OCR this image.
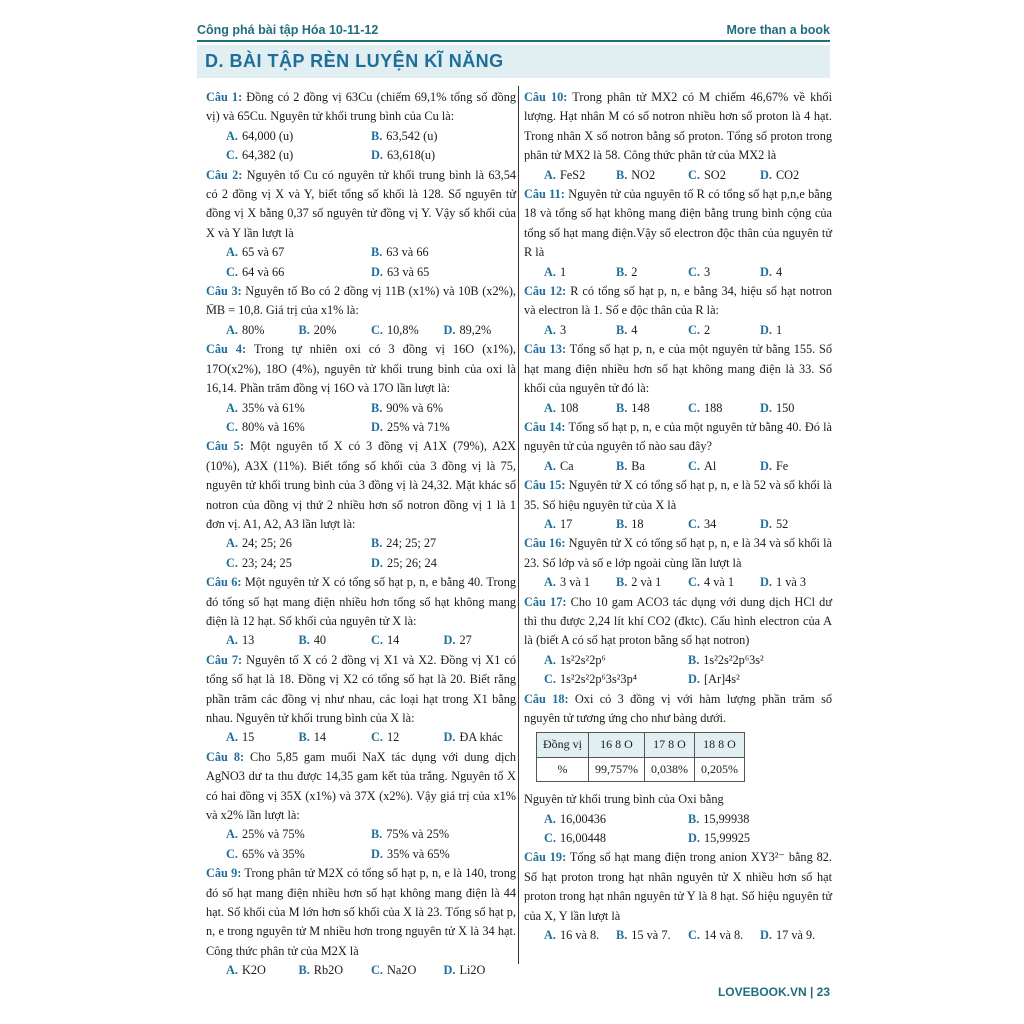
Công phá bài tập Hóa 10-11-12	More than a book
D. BÀI TẬP RÈN LUYỆN KĨ NĂNG

Câu 1: Đồng có 2 đồng vị 63Cu (chiếm 69,1% tổng số đồng vị) và 65Cu. Nguyên tử khối trung bình của Cu là:

A. 64,000 (u)	B. 63,542 (u)
C. 64,382 (u)	D. 63,618(u)

Câu 2: Nguyên tố Cu có nguyên tử khối trung bình là 63,54 có 2 đồng vị X và Y, biết tổng số khối là 128. Số nguyên tử đồng vị X bằng 0,37 số nguyên tử đồng vị Y. Vậy số khối của X và Y lần lượt là

A. 65 và 67	B. 63 và 66
C. 64 và 66	D. 63 và 65

Câu 3: Nguyên tố Bo có 2 đồng vị 11B (x1%) và 10B (x2%), M̄B = 10,8. Giá trị của x1% là:

A. 80%	B. 20%	C. 10,8%	D. 89,2%

Câu 4: Trong tự nhiên oxi có 3 đồng vị 16O (x1%), 17O(x2%), 18O (4%), nguyên tử khối trung bình của oxi là 16,14. Phần trăm đồng vị 16O và 17O lần lượt là:

A. 35% và 61%	B. 90% và 6%
C. 80% và 16%	D. 25% và 71%

Câu 5: Một nguyên tố X có 3 đồng vị A1X (79%), A2X (10%), A3X (11%). Biết tổng số khối của 3 đồng vị là 75, nguyên tử khối trung bình của 3 đồng vị là 24,32. Mặt khác số notron của đồng vị thứ 2 nhiều hơn số notron đồng vị 1 là 1 đơn vị. A1, A2, A3 lần lượt là:

A. 24; 25; 26	B. 24; 25; 27
C. 23; 24; 25	D. 25; 26; 24

Câu 6: Một nguyên tử X có tổng số hạt p, n, e bằng 40. Trong đó tổng số hạt mang điện nhiều hơn tổng số hạt không mang điện là 12 hạt. Số khối của nguyên tử X là:

A. 13	B. 40	C. 14	D. 27

Câu 7: Nguyên tố X có 2 đồng vị X1 và X2. Đồng vị X1 có tổng số hạt là 18. Đồng vị X2 có tổng số hạt là 20. Biết rằng phần trăm các đồng vị như nhau, các loại hạt trong X1 bằng nhau. Nguyên tử khối trung bình của X là:

A. 15	B. 14	C. 12	D. ĐA khác

Câu 8: Cho 5,85 gam muối NaX tác dụng với dung dịch AgNO3 dư ta thu được 14,35 gam kết tủa trắng. Nguyên tố X có hai đồng vị 35X (x1%) và 37X (x2%). Vậy giá trị của x1% và x2% lần lượt là:

A. 25% và 75%	B. 75% và 25%
C. 65% và 35%	D. 35% và 65%

Câu 9: Trong phân tử M2X có tổng số hạt p, n, e là 140, trong đó số hạt mang điện nhiều hơn số hạt không mang điện là 44 hạt. Số khối của M lớn hơn số khối của X là 23. Tổng số hạt p, n, e trong nguyên tử M nhiều hơn trong nguyên tử X là 34 hạt. Công thức phân tử của M2X là

A. K2O	B. Rb2O	C. Na2O	D. Li2O

Câu 10: Trong phân tử MX2 có M chiếm 46,67% về khối lượng. Hạt nhân M có số notron nhiều hơn số proton là 4 hạt. Trong nhân X số notron bằng số proton. Tổng số proton trong phân tử MX2 là 58. Công thức phân tử của MX2 là

A. FeS2	B. NO2	C. SO2	D. CO2

Câu 11: Nguyên tử của nguyên tố R có tổng số hạt p,n,e bằng 18 và tổng số hạt không mang điện bằng trung bình cộng của tổng số hạt mang điện.Vậy số electron độc thân của nguyên tử R là

A. 1	B. 2	C. 3	D. 4

Câu 12: R có tổng số hạt p, n, e bằng 34, hiệu số hạt notron và electron là 1. Số e độc thân của R là:

A. 3	B. 4	C. 2	D. 1

Câu 13: Tổng số hạt p, n, e của một nguyên tử bằng 155. Số hạt mang điện nhiều hơn số hạt không mang điện là 33. Số khối của nguyên tử đó là:

A. 108	B. 148	C. 188	D. 150

Câu 14: Tổng số hạt p, n, e của một nguyên tử bằng 40. Đó là nguyên tử của nguyên tố nào sau đây?

A. Ca	B. Ba	C. Al	D. Fe

Câu 15: Nguyên tử X có tổng số hạt p, n, e là 52 và số khối là 35. Số hiệu nguyên tử của X là

A. 17	B. 18	C. 34	D. 52

Câu 16: Nguyên tử X có tổng số hạt p, n, e là 34 và số khối là 23. Số lớp và số e lớp ngoài cùng lần lượt là

A. 3 và 1	B. 2 và 1	C. 4 và 1	D. 1 và 3

Câu 17: Cho 10 gam ACO3 tác dụng với dung dịch HCl dư thì thu được 2,24 lít khí CO2 (đktc). Cấu hình electron của A là (biết A có số hạt proton bằng số hạt notron)

A. 1s²2s²2p⁶	B. 1s²2s²2p⁶3s²
C. 1s²2s²2p⁶3s²3p⁴	D. [Ar]4s²

Câu 18: Oxi có 3 đồng vị với hàm lượng phần trăm số nguyên tử tương ứng cho như bảng dưới.

Đồng vị	16 8 O	17 8 O	18 8 O
%	99,757%	0,038%	0,205%

Nguyên tử khối trung bình của Oxi bằng

A. 16,00436	B. 15,99938
C. 16,00448	D. 15,99925

Câu 19: Tổng số hạt mang điện trong anion XY3²⁻ bằng 82. Số hạt proton trong hạt nhân nguyên tử X nhiều hơn số hạt proton trong hạt nhân nguyên tử Y là 8 hạt. Số hiệu nguyên tử của X, Y lần lượt là

A. 16 và 8.	B. 15 và 7.	C. 14 và 8.	D. 17 và 9.
LOVEBOOK.VN | 23
